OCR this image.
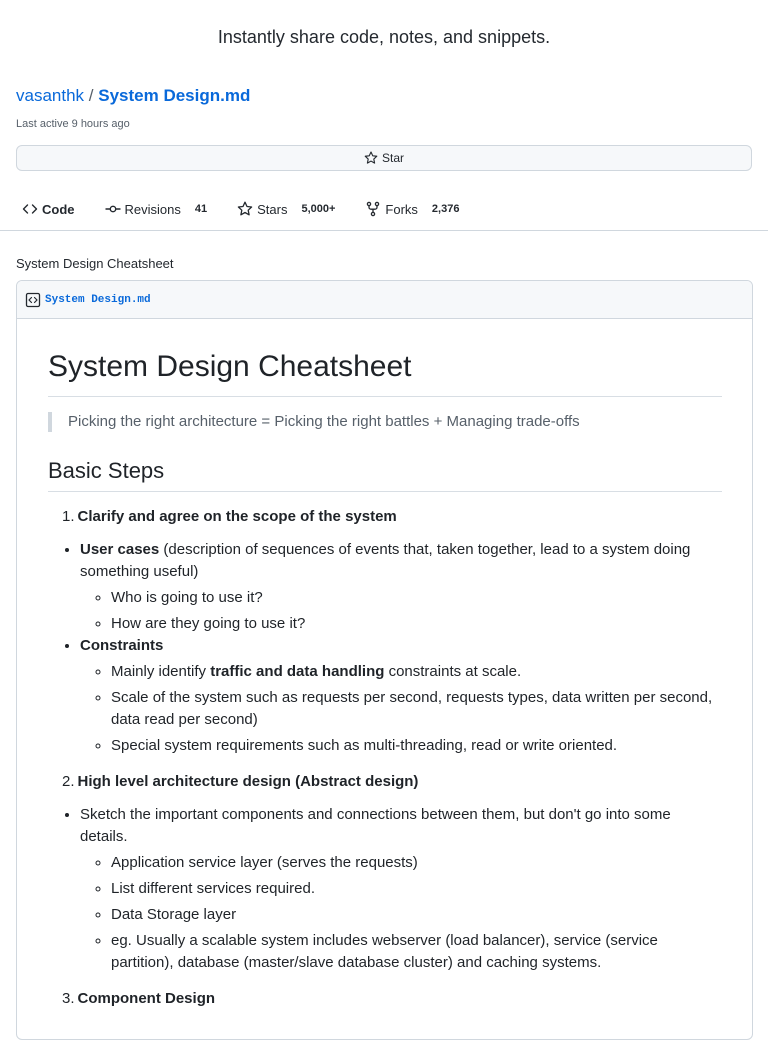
Instantly share code, notes, and snippets.
vasanthk / System Design.md
Last active 9 hours ago
Star
Code	Revisions 41	Stars 5,000+	Forks 2,376
System Design Cheatsheet
System Design.md
System Design Cheatsheet
Picking the right architecture = Picking the right battles + Managing trade-offs
Basic Steps
1. Clarify and agree on the scope of the system
• User cases (description of sequences of events that, taken together, lead to a system doing something useful)
◦ Who is going to use it?
◦ How are they going to use it?
• Constraints
◦ Mainly identify traffic and data handling constraints at scale.
◦ Scale of the system such as requests per second, requests types, data written per second, data read per second)
◦ Special system requirements such as multi-threading, read or write oriented.
2. High level architecture design (Abstract design)
• Sketch the important components and connections between them, but don't go into some details.
◦ Application service layer (serves the requests)
◦ List different services required.
◦ Data Storage layer
◦ eg. Usually a scalable system includes webserver (load balancer), service (service partition), database (master/slave database cluster) and caching systems.
3. Component Design
